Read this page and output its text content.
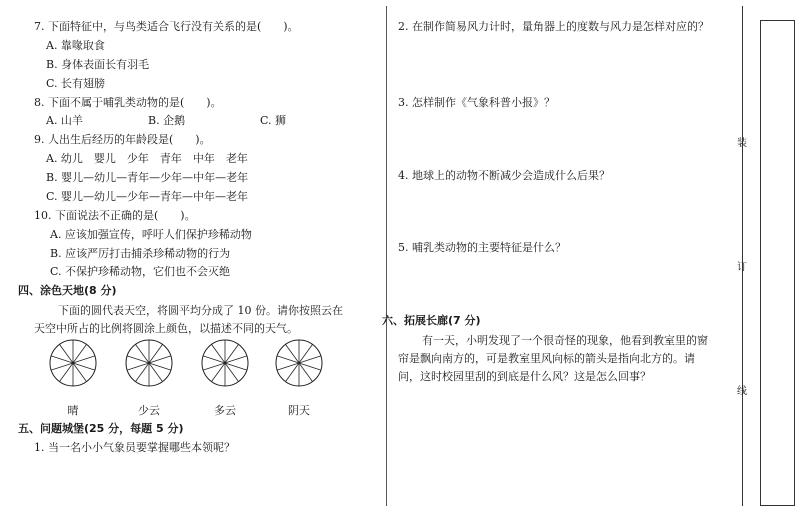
7. 下面特征中，与鸟类适合飞行没有关系的是(　　)。
A. 靠喙取食
B. 身体表面长有羽毛
C. 长有翅膀
8. 下面不属于哺乳类动物的是(　　)。
A. 山羊	B. 企鹅	C. 狮
9. 人出生后经历的年龄段是(　　)。
A. 幼儿　婴儿　少年　青年　中年　老年
B. 婴儿—幼儿—青年—少年—中年—老年
C. 婴儿—幼儿—少年—青年—中年—老年
10. 下面说法不正确的是(　　)。
A. 应该加强宣传，呼吁人们保护珍稀动物
B. 应该严厉打击捕杀珍稀动物的行为
C. 不保护珍稀动物，它们也不会灭绝
四、涂色天地(8 分)
下面的圆代表天空，将圆平均分成了 10 份。请你按照云在
天空中所占的比例将圆涂上颜色，以描述不同的天气。
晴	少云	多云	阴天
五、问题城堡(25 分，每题 5 分)
1. 当一名小小气象员要掌握哪些本领呢？
2. 在制作简易风力计时，量角器上的度数与风力是怎样对应的？
3. 怎样制作《气象科普小报》？
4. 地球上的动物不断减少会造成什么后果？
5. 哺乳类动物的主要特征是什么？
六、拓展长廊(7 分)
有一天，小明发现了一个很奇怪的现象，他看到教室里的窗
帘是飘向南方的，可是教室里风向标的箭头是指向北方的。请
问，这时校园里刮的到底是什么风？这是怎么回事？
装
订
线
